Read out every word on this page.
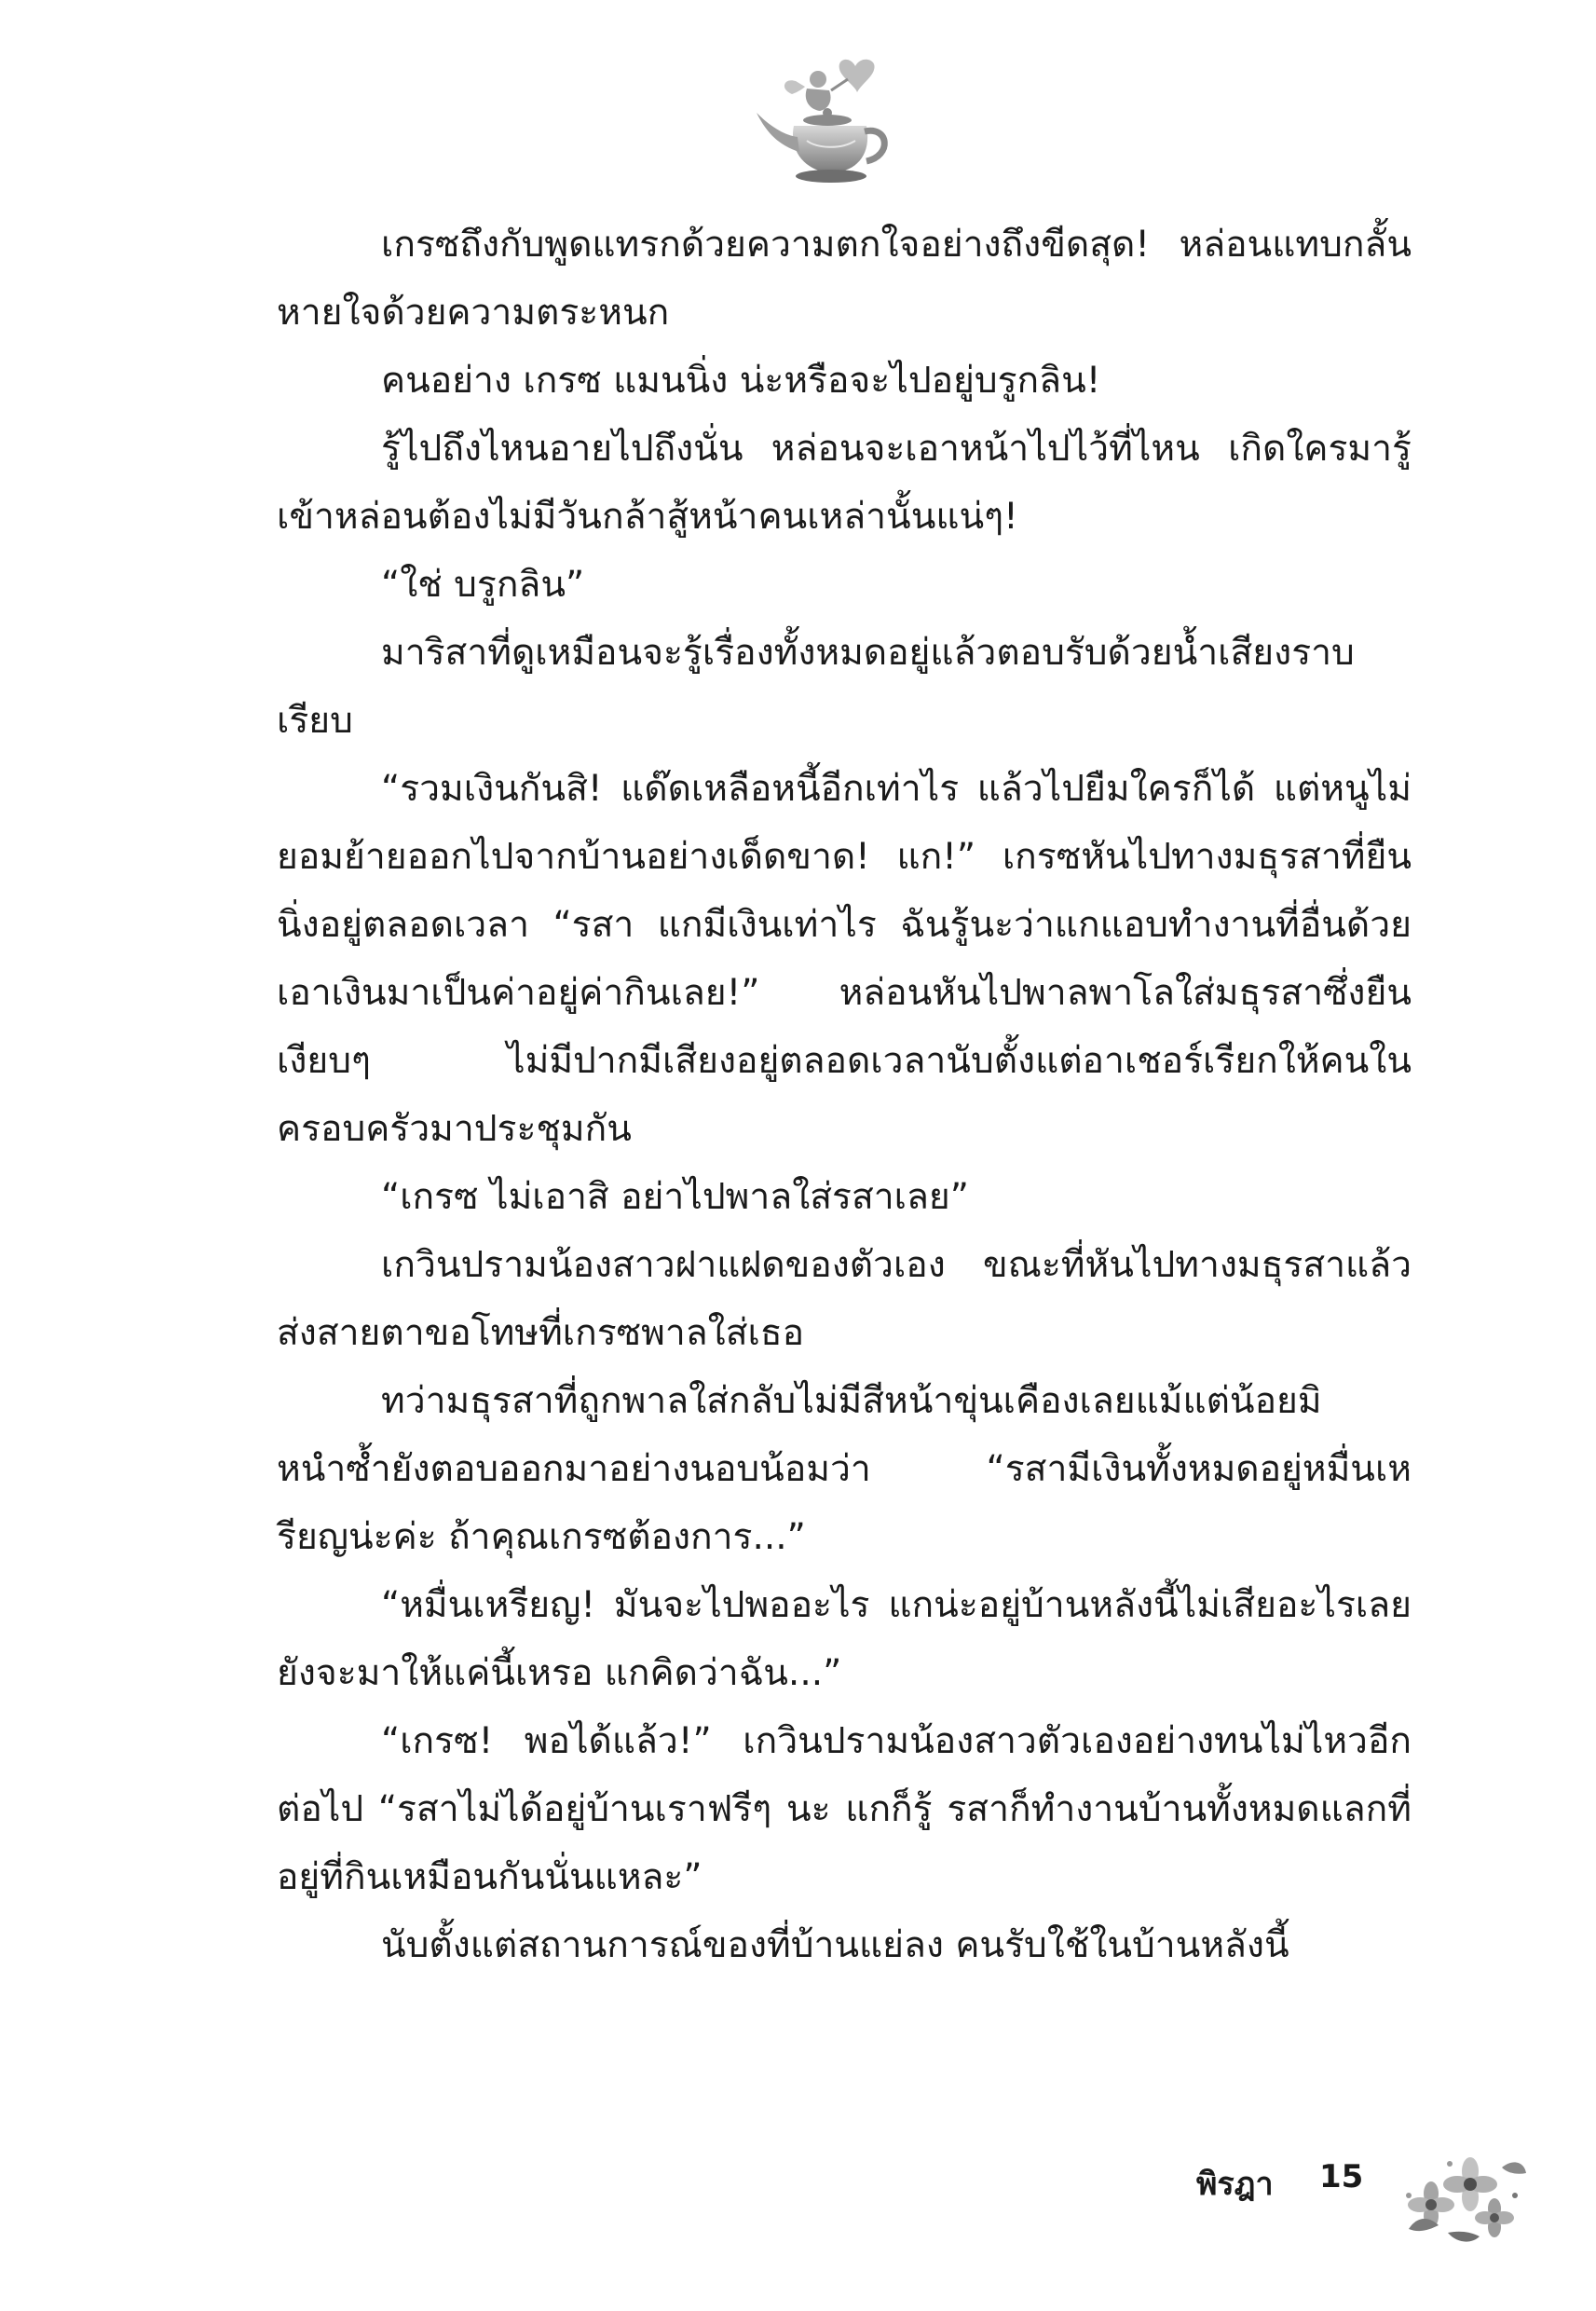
เกรซถึงกับพูดแทรกด้วยความตกใจอย่างถึงขีดสุด! หล่อนแทบกลั้นหายใจด้วยความตระหนก

คนอย่าง เกรซ แมนนิ่ง น่ะหรือจะไปอยู่บรูกลิน!

รู้ไปถึงไหนอายไปถึงนั่น หล่อนจะเอาหน้าไปไว้ที่ไหน เกิดใครมารู้เข้าหล่อนต้องไม่มีวันกล้าสู้หน้าคนเหล่านั้นแน่ๆ!

“ใช่ บรูกลิน”

มาริสาที่ดูเหมือนจะรู้เรื่องทั้งหมดอยู่แล้วตอบรับด้วยน้ำเสียงราบเรียบ

“รวมเงินกันสิ! แด๊ดเหลือหนี้อีกเท่าไร แล้วไปยืมใครก็ได้ แต่หนูไม่ยอมย้ายออกไปจากบ้านอย่างเด็ดขาด! แก!” เกรซหันไปทางมธุรสาที่ยืนนิ่งอยู่ตลอดเวลา “รสา แกมีเงินเท่าไร ฉันรู้นะว่าแกแอบทำงานที่อื่นด้วย เอาเงินมาเป็นค่าอยู่ค่ากินเลย!” หล่อนหันไปพาลพาโลใส่มธุรสาซึ่งยืนเงียบๆ ไม่มีปากมีเสียงอยู่ตลอดเวลานับตั้งแต่อาเชอร์เรียกให้คนในครอบครัวมาประชุมกัน

“เกรซ ไม่เอาสิ อย่าไปพาลใส่รสาเลย”

เกวินปรามน้องสาวฝาแฝดของตัวเอง ขณะที่หันไปทางมธุรสาแล้วส่งสายตาขอโทษที่เกรซพาลใส่เธอ

ทว่ามธุรสาที่ถูกพาลใส่กลับไม่มีสีหน้าขุ่นเคืองเลยแม้แต่น้อยมิหนำซ้ำยังตอบออกมาอย่างนอบน้อมว่า “รสามีเงินทั้งหมดอยู่หมื่นเหรียญน่ะค่ะ ถ้าคุณเกรซต้องการ...”

“หมื่นเหรียญ! มันจะไปพออะไร แกน่ะอยู่บ้านหลังนี้ไม่เสียอะไรเลย ยังจะมาให้แค่นี้เหรอ แกคิดว่าฉัน...”

“เกรซ! พอได้แล้ว!” เกวินปรามน้องสาวตัวเองอย่างทนไม่ไหวอีกต่อไป “รสาไม่ได้อยู่บ้านเราฟรีๆ นะ แกก็รู้ รสาก็ทำงานบ้านทั้งหมดแลกที่อยู่ที่กินเหมือนกันนั่นแหละ”

นับตั้งแต่สถานการณ์ของที่บ้านแย่ลง คนรับใช้ในบ้านหลังนี้

พิรฎา 15
